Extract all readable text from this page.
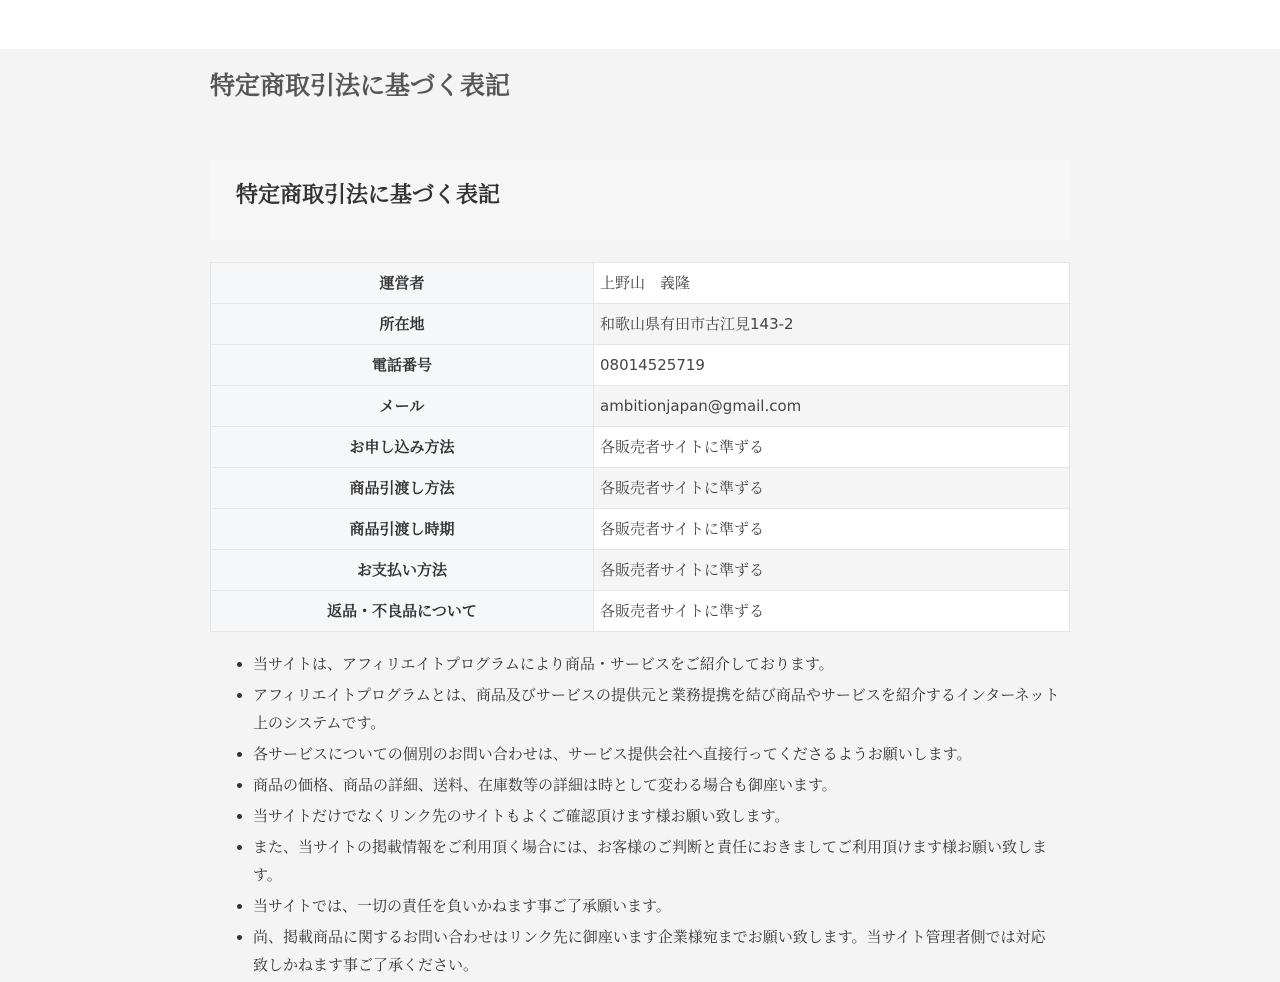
特定商取引法に基づく表記
特定商取引法に基づく表記
運営者	上野山　義隆
所在地	和歌山県有田市古江見143-2
電話番号	08014525719
メール	ambitionjapan@gmail.com
お申し込み方法	各販売者サイトに準ずる
商品引渡し方法	各販売者サイトに準ずる
商品引渡し時期	各販売者サイトに準ずる
お支払い方法	各販売者サイトに準ずる
返品・不良品について	各販売者サイトに準ずる
• 当サイトは、アフィリエイトプログラムにより商品・サービスをご紹介しております。
• アフィリエイトプログラムとは、商品及びサービスの提供元と業務提携を結び商品やサービスを紹介するインターネット上のシステムです。
• 各サービスについての個別のお問い合わせは、サービス提供会社へ直接行ってくださるようお願いします。
• 商品の価格、商品の詳細、送料、在庫数等の詳細は時として変わる場合も御座います。
• 当サイトだけでなくリンク先のサイトもよくご確認頂けます様お願い致します。
• また、当サイトの掲載情報をご利用頂く場合には、お客様のご判断と責任におきましてご利用頂けます様お願い致します。
• 当サイトでは、一切の責任を負いかねます事ご了承願います。
• 尚、掲載商品に関するお問い合わせはリンク先に御座います企業様宛までお願い致します。当サイト管理者側では対応致しかねます事ご了承ください。
